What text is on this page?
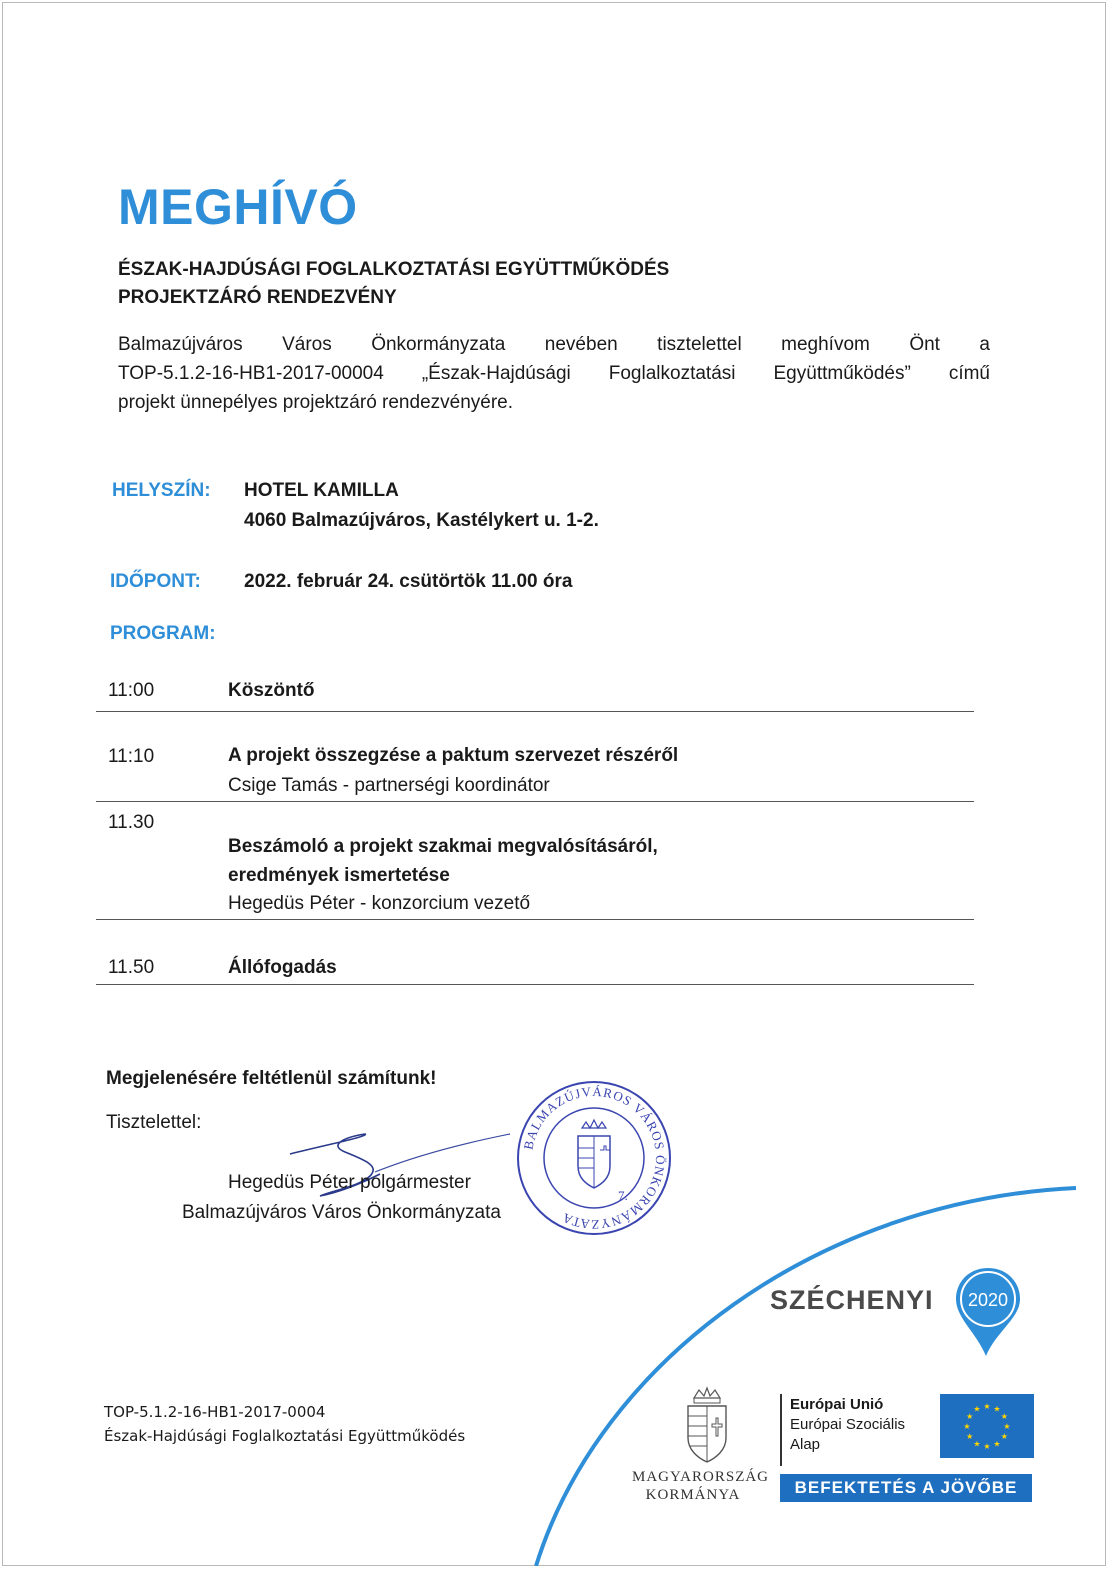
MEGHÍVÓ
ÉSZAK-HAJDÚSÁGI FOGLALKOZTATÁSI EGYÜTTMŰKÖDÉS
PROJEKTZÁRÓ RENDEZVÉNY
Balmazújváros Város Önkormányzata nevében tisztelettel meghívom Önt a
TOP-5.1.2-16-HB1-2017-00004 „Észak-Hajdúsági Foglalkoztatási Együttműködés” című
projekt ünnepélyes projektzáró rendezvényére.
HELYSZÍN: HOTEL KAMILLA
4060 Balmazújváros, Kastélykert u. 1-2.
IDŐPONT: 2022. február 24. csütörtök 11.00 óra
PROGRAM:
11:00	Köszöntő
11:10	A projekt összegzése a paktum szervezet részéről
Csige Tamás - partnerségi koordinátor
11.30
Beszámoló a projekt szakmai megvalósításáról,
eredmények ismertetése
Hegedüs Péter - konzorcium vezető
11.50	Állófogadás
Megjelenésére feltétlenül számítunk!
Tisztelettel:
Hegedüs Péter polgármester
Balmazújváros Város Önkormányzata
BALMAZÚJVÁROS VÁROS ÖNKORMÁNYZATA
7.
SZÉCHENYI 2020
TOP-5.1.2-16-HB1-2017-0004
Észak-Hajdúsági Foglalkoztatási Együttműködés
MAGYARORSZÁG
KORMÁNYA
Európai Unió
Európai Szociális
Alap
★ ★
★
★
★
★
★
★
★
★
★
★
BEFEKTETÉS A JÖVŐBE
